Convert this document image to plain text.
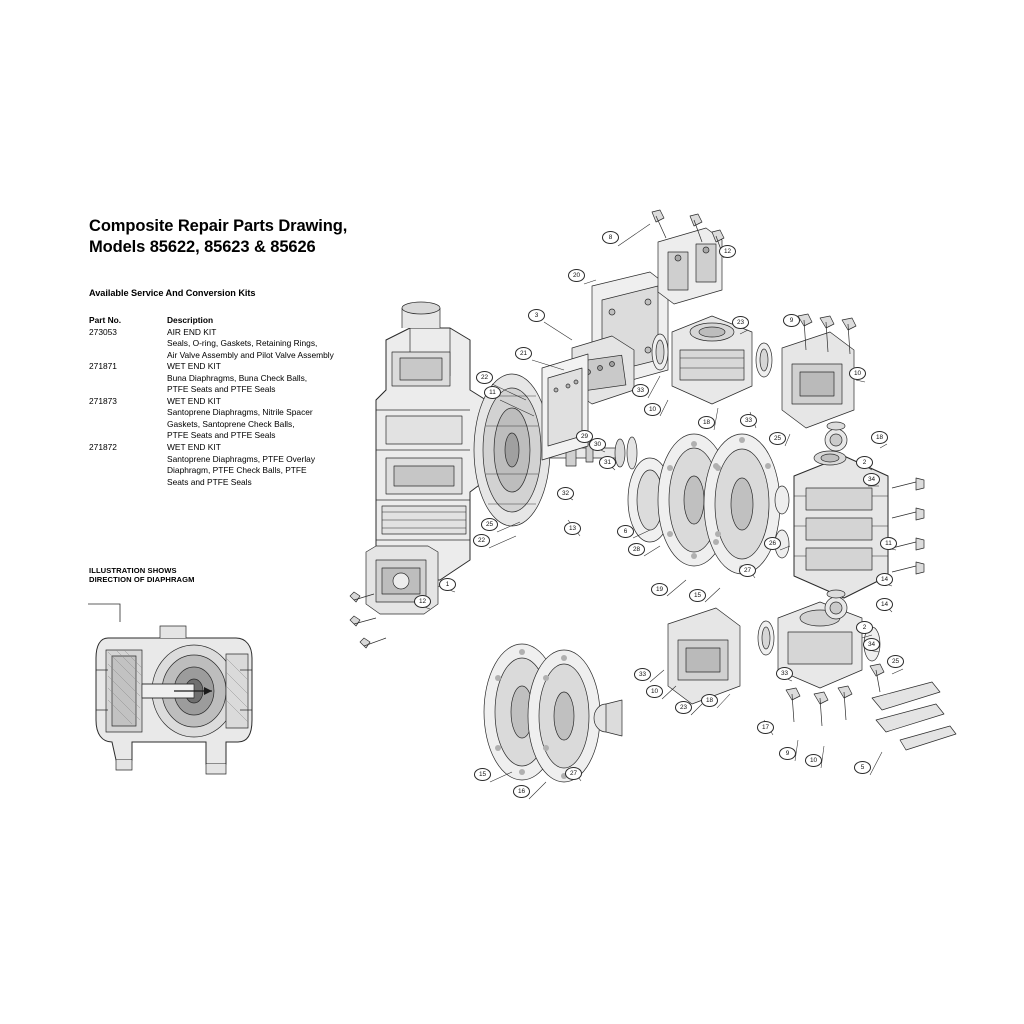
Composite Repair Parts Drawing,
Models 85622, 85623 & 85626
Available Service And Conversion Kits
Part No.	Description
273053	AIR END KIT
Seals, O-ring, Gaskets, Retaining Rings,
Air Valve Assembly and Pilot Valve Assembly
271871	WET END KIT
Buna Diaphragms, Buna Check Balls,
PTFE Seats and PTFE Seals
271873	WET END KIT
Santoprene Diaphragms, Nitrile Spacer
Gaskets, Santoprene Check Balls,
PTFE Seats and PTFE Seals
271872	WET END KIT
Santoprene Diaphragms, PTFE Overlay
Diaphragm, PTFE Check Balls, PTFE
Seats and PTFE Seals
ILLUSTRATION SHOWS
DIRECTION OF DIAPHRAGM
8
12
20
3
23	9
21
10
22
11	33
10
18	33
25	18
29
30
31	2
34
32
13
25
22
6
28
26	11
27
19
15
14
14
1
12
2
34
33
10
23
18
33
25
17
9
10
5
15
16
27
